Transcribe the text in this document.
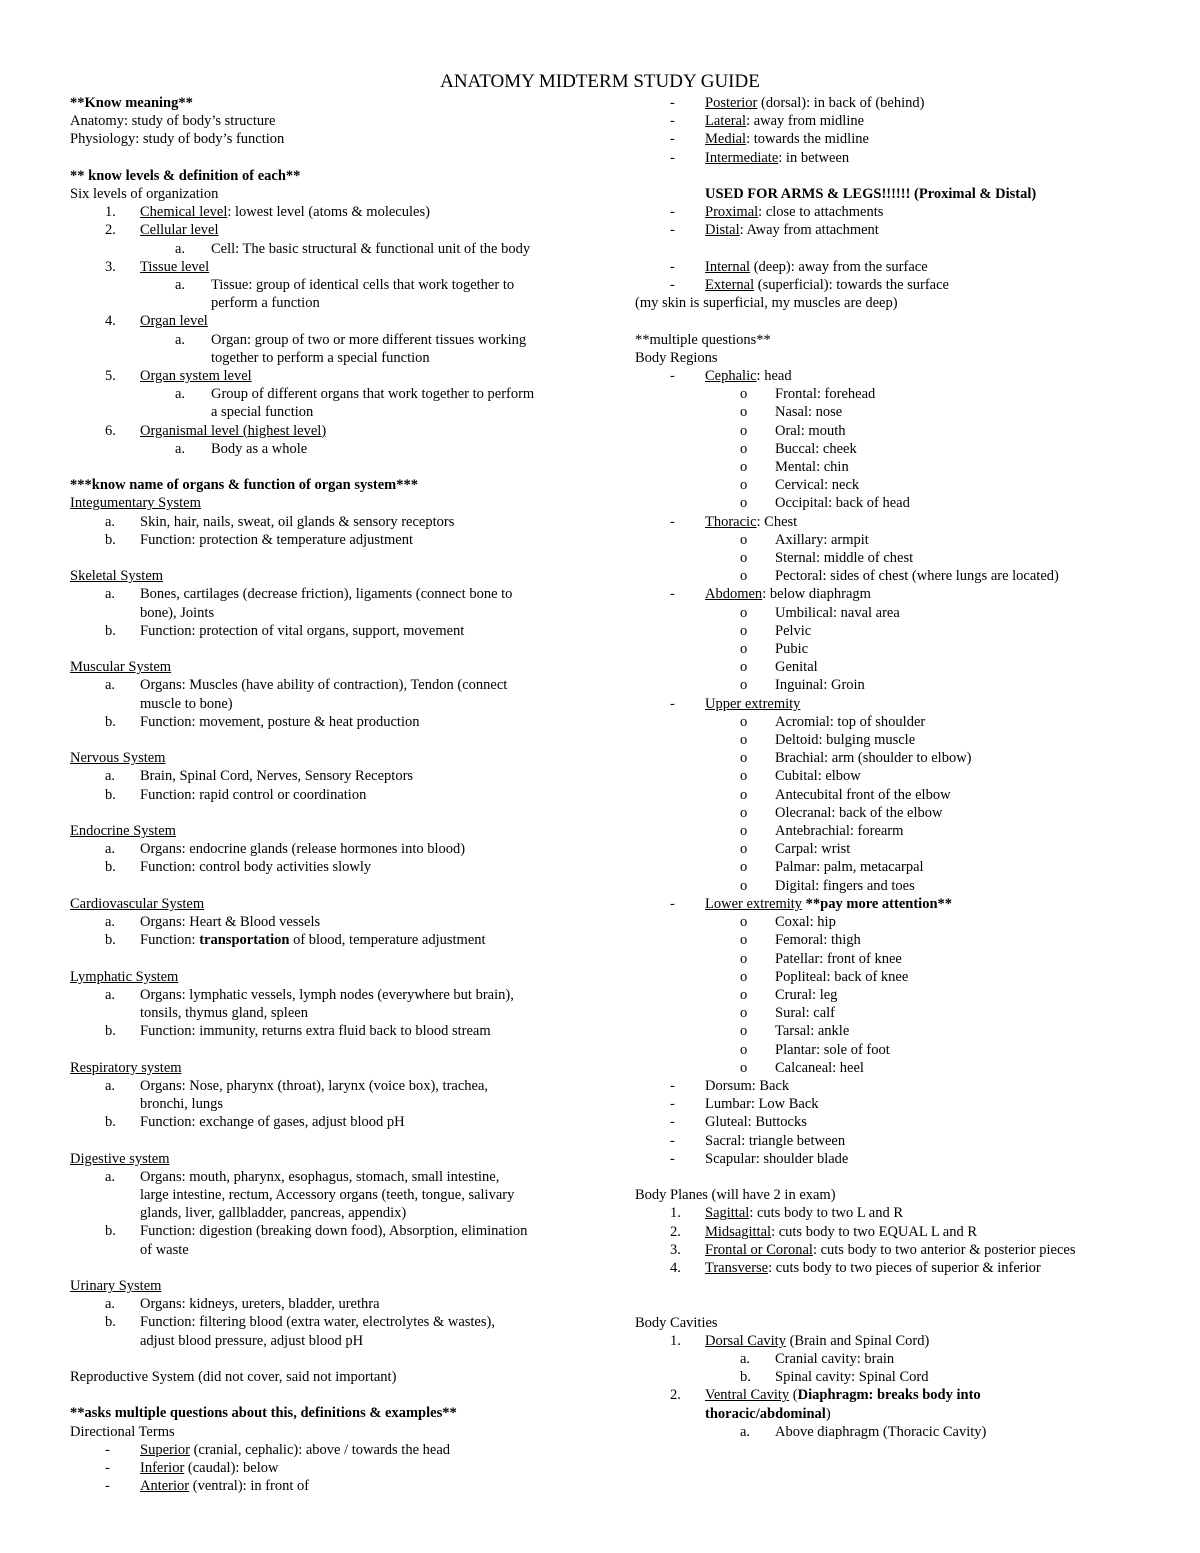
ANATOMY MIDTERM STUDY GUIDE
**Know meaning**
Anatomy: study of body’s structure
Physiology: study of body’s function
** know levels & definition of each**
Six levels of organization
1. Chemical level: lowest level (atoms & molecules)
2. Cellular level
a. Cell: The basic structural & functional unit of the body
3. Tissue level
a. Tissue: group of identical cells that work together to
perform a function
4. Organ level
a. Organ: group of two or more different tissues working
together to perform a special function
5. Organ system level
a. Group of different organs that work together to perform
a special function
6. Organismal level (highest level)
a. Body as a whole
***know name of organs & function of organ system***
Integumentary System
a. Skin, hair, nails, sweat, oil glands & sensory receptors
b. Function: protection & temperature adjustment
Skeletal System
a. Bones, cartilages (decrease friction), ligaments (connect bone to
bone), Joints
b. Function: protection of vital organs, support, movement
Muscular System
a. Organs: Muscles (have ability of contraction), Tendon (connect
muscle to bone)
b. Function: movement, posture & heat production
Nervous System
a. Brain, Spinal Cord, Nerves, Sensory Receptors
b. Function: rapid control or coordination
Endocrine System
a. Organs: endocrine glands (release hormones into blood)
b. Function: control body activities slowly
Cardiovascular System
a. Organs: Heart & Blood vessels
b. Function: transportation of blood, temperature adjustment
Lymphatic System
a. Organs: lymphatic vessels, lymph nodes (everywhere but brain),
tonsils, thymus gland, spleen
b. Function: immunity, returns extra fluid back to blood stream
Respiratory system
a. Organs: Nose, pharynx (throat), larynx (voice box), trachea,
bronchi, lungs
b. Function: exchange of gases, adjust blood pH
Digestive system
a. Organs: mouth, pharynx, esophagus, stomach, small intestine,
large intestine, rectum, Accessory organs (teeth, tongue, salivary
glands, liver, gallbladder, pancreas, appendix)
b. Function: digestion (breaking down food), Absorption, elimination
of waste
Urinary System
a. Organs: kidneys, ureters, bladder, urethra
b. Function: filtering blood (extra water, electrolytes & wastes),
adjust blood pressure, adjust blood pH
Reproductive System (did not cover, said not important)
**asks multiple questions about this, definitions & examples**
Directional Terms
- Superior (cranial, cephalic): above / towards the head
- Inferior (caudal): below
- Anterior (ventral): in front of
- Posterior (dorsal): in back of (behind)
- Lateral: away from midline
- Medial: towards the midline
- Intermediate: in between
USED FOR ARMS & LEGS!!!!!! (Proximal & Distal)
- Proximal: close to attachments
- Distal: Away from attachment
- Internal (deep): away from the surface
- External (superficial): towards the surface
(my skin is superficial, my muscles are deep)
**multiple questions**
Body Regions
- Cephalic: head
o Frontal: forehead
o Nasal: nose
o Oral: mouth
o Buccal: cheek
o Mental: chin
o Cervical: neck
o Occipital: back of head
- Thoracic: Chest
o Axillary: armpit
o Sternal: middle of chest
o Pectoral: sides of chest (where lungs are located)
- Abdomen: below diaphragm
o Umbilical: naval area
o Pelvic
o Pubic
o Genital
o Inguinal: Groin
- Upper extremity
o Acromial: top of shoulder
o Deltoid: bulging muscle
o Brachial: arm (shoulder to elbow)
o Cubital: elbow
o Antecubital front of the elbow
o Olecranal: back of the elbow
o Antebrachial: forearm
o Carpal: wrist
o Palmar: palm, metacarpal
o Digital: fingers and toes
- Lower extremity **pay more attention**
o Coxal: hip
o Femoral: thigh
o Patellar: front of knee
o Popliteal: back of knee
o Crural: leg
o Sural: calf
o Tarsal: ankle
o Plantar: sole of foot
o Calcaneal: heel
- Dorsum: Back
- Lumbar: Low Back
- Gluteal: Buttocks
- Sacral: triangle between
- Scapular: shoulder blade
Body Planes (will have 2 in exam)
1. Sagittal: cuts body to two L and R
2. Midsagittal: cuts body to two EQUAL L and R
3. Frontal or Coronal: cuts body to two anterior & posterior pieces
4. Transverse: cuts body to two pieces of superior & inferior
Body Cavities
1. Dorsal Cavity (Brain and Spinal Cord)
a. Cranial cavity: brain
b. Spinal cavity: Spinal Cord
2. Ventral Cavity (Diaphragm: breaks body into
thoracic/abdominal)
a. Above diaphragm (Thoracic Cavity)
